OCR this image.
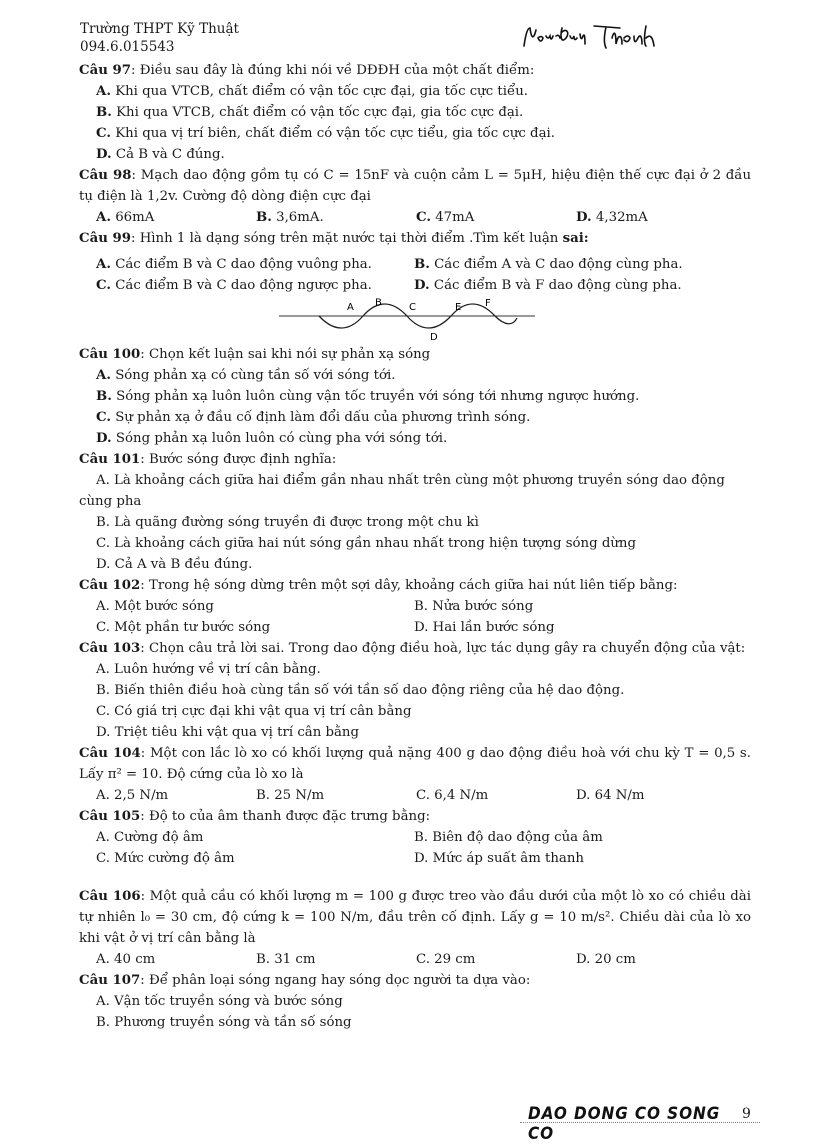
Trường THPT Kỹ Thuật
094.6.015543
Câu 97: Điều sau đây là đúng khi nói về DĐĐH của một chất điểm:
A. Khi qua VTCB, chất điểm có vận tốc cực đại, gia tốc cực tiểu.
B. Khi qua VTCB, chất điểm có vận tốc cực đại, gia tốc cực đại.
C. Khi qua vị trí biên, chất điểm có vận tốc cực tiểu, gia tốc cực đại.
D. Cả B và C đúng.
Câu 98: Mạch dao động gồm tụ có C = 15nF và cuộn cảm L = 5μH, hiệu điện thế cực đại ở 2 đầu tụ điện là 1,2v. Cường độ dòng điện cực đại
A. 66mA	B. 3,6mA.	C. 47mA	D. 4,32mA
Câu 99: Hình 1 là dạng sóng trên mặt nước tại thời điểm .Tìm kết luận sai:
A. Các điểm B và C dao động vuông pha.	B. Các điểm A và C dao động cùng pha.
C. Các điểm B và C dao động ngược pha.	D. Các điểm B và F dao động cùng pha.
A B	C
D
E F
Câu 100: Chọn kết luận sai khi nói sự phản xạ sóng
A. Sóng phản xạ có cùng tần số với sóng tới.
B. Sóng phản xạ luôn luôn cùng vận tốc truyền với sóng tới nhưng ngược hướng.
C. Sự phản xạ ở đầu cố định làm đổi dấu của phương trình sóng.
D. Sóng phản xạ luôn luôn có cùng pha với sóng tới.
Câu 101: Bước sóng được định nghĩa:
A. Là khoảng cách giữa hai điểm gần nhau nhất trên cùng một phương truyền sóng dao động cùng pha
B. Là quãng đường sóng truyền đi được trong một chu kì
C. Là khoảng cách giữa hai nút sóng gần nhau nhất trong hiện tượng sóng dừng
D. Cả A và B đều đúng.
Câu 102: Trong hệ sóng dừng trên một sợi dây, khoảng cách giữa hai nút liên tiếp bằng:
A. Một bước sóng	B. Nửa bước sóng
C. Một phần tư bước sóng	D. Hai lần bước sóng
Câu 103: Chọn câu trả lời sai. Trong dao động điều hoà, lực tác dụng gây ra chuyển động của vật:
A. Luôn hướng về vị trí cân bằng.
B. Biến thiên điều hoà cùng tần số với tần số dao động riêng của hệ dao động.
C. Có giá trị cực đại khi vật qua vị trí cân bằng
D. Triệt tiêu khi vật qua vị trí cân bằng
Câu 104: Một con lắc lò xo có khối lượng quả nặng 400 g dao động điều hoà với chu kỳ T = 0,5 s. Lấy π² = 10. Độ cứng của lò xo là
A. 2,5 N/m	B. 25 N/m	C. 6,4 N/m	D. 64 N/m
Câu 105: Độ to của âm thanh được đặc trưng bằng:
A. Cường độ âm	B. Biên độ dao động của âm
C. Mức cường độ âm	D. Mức áp suất âm thanh
Câu 106: Một quả cầu có khối lượng m = 100 g được treo vào đầu dưới của một lò xo có chiều dài tự nhiên l₀ = 30 cm, độ cứng k = 100 N/m, đầu trên cố định. Lấy g = 10 m/s². Chiều dài của lò xo khi vật ở vị trí cân bằng là
A. 40 cm	B. 31 cm	C. 29 cm	D. 20 cm
Câu 107: Để phân loại sóng ngang hay sóng dọc người ta dựa vào:
A. Vận tốc truyền sóng và bước sóng
B. Phương truyền sóng và tần số sóng
DAO DONG CO SONG CO
9
